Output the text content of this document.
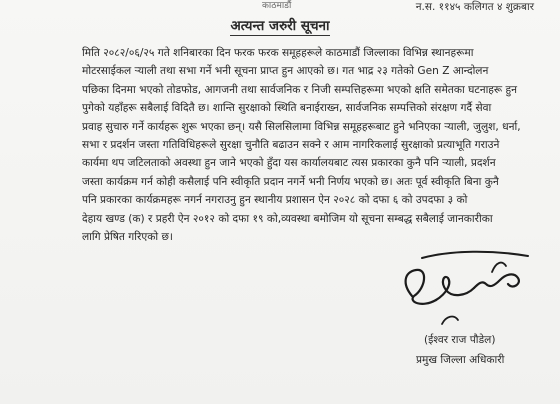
काठमाडौं	न.स. ११४५ कलिगत ४ शुक्रबार
अत्यन्त जरुरी सूचना
मिति २०८२/०६/२५ गते शनिबारका दिन फरक फरक समूहहरूले काठमाडौं जिल्लाका विभिन्न स्थानहरूमा
मोटरसाईकल र्‍याली तथा सभा गर्ने भनी सूचना प्राप्त हुन आएको छ। गत भाद्र २३ गतेको Gen Z आन्दोलन
पछिका दिनमा भएको तोडफोड, आगजनी तथा सार्वजनिक र निजी सम्पत्तिहरूमा भएको क्षति समेतका घटनाहरू हुन
पुगेको यहाँहरू सबैलाई विदितै छ। शान्ति सुरक्षाको स्थिति बनाईराख्न, सार्वजनिक सम्पत्तिको संरक्षण गर्दै सेवा
प्रवाह सुचारु गर्ने कार्यहरू शुरू भएका छन्। यसै सिलसिलामा विभिन्न समूहहरूबाट हुने भनिएका र्‍याली, जुलुश, धर्ना,
सभा र प्रदर्शन जस्ता गतिविधिहरूले सुरक्षा चुनौति बढाउन सक्ने र आम नागरिकलाई सुरक्षाको प्रत्याभूति गराउने
कार्यमा थप जटिलताको अवस्था हुन जाने भएको हुँदा यस कार्यालयबाट त्यस प्रकारका कुनै पनि र्‍याली, प्रदर्शन
जस्ता कार्यक्रम गर्न कोही कसैलाई पनि स्वीकृति प्रदान नगर्ने भनी निर्णय भएको छ। अतः पूर्व स्वीकृति बिना कुनै
पनि प्रकारका कार्यक्रमहरू नगर्न नगराउनु हुन स्थानीय प्रशासन ऐन २०२८ को दफा ६ को उपदफा ३ को
देहाय खण्ड (क) र प्रहरी ऐन २०१२ को दफा १९ को,व्यवस्था बमोजिम यो सूचना सम्बद्ध सबैलाई जानकारीका
लागि प्रेषित गरिएको छ।
(ईश्वर राज पौडेल)
प्रमुख जिल्ला अधिकारी
